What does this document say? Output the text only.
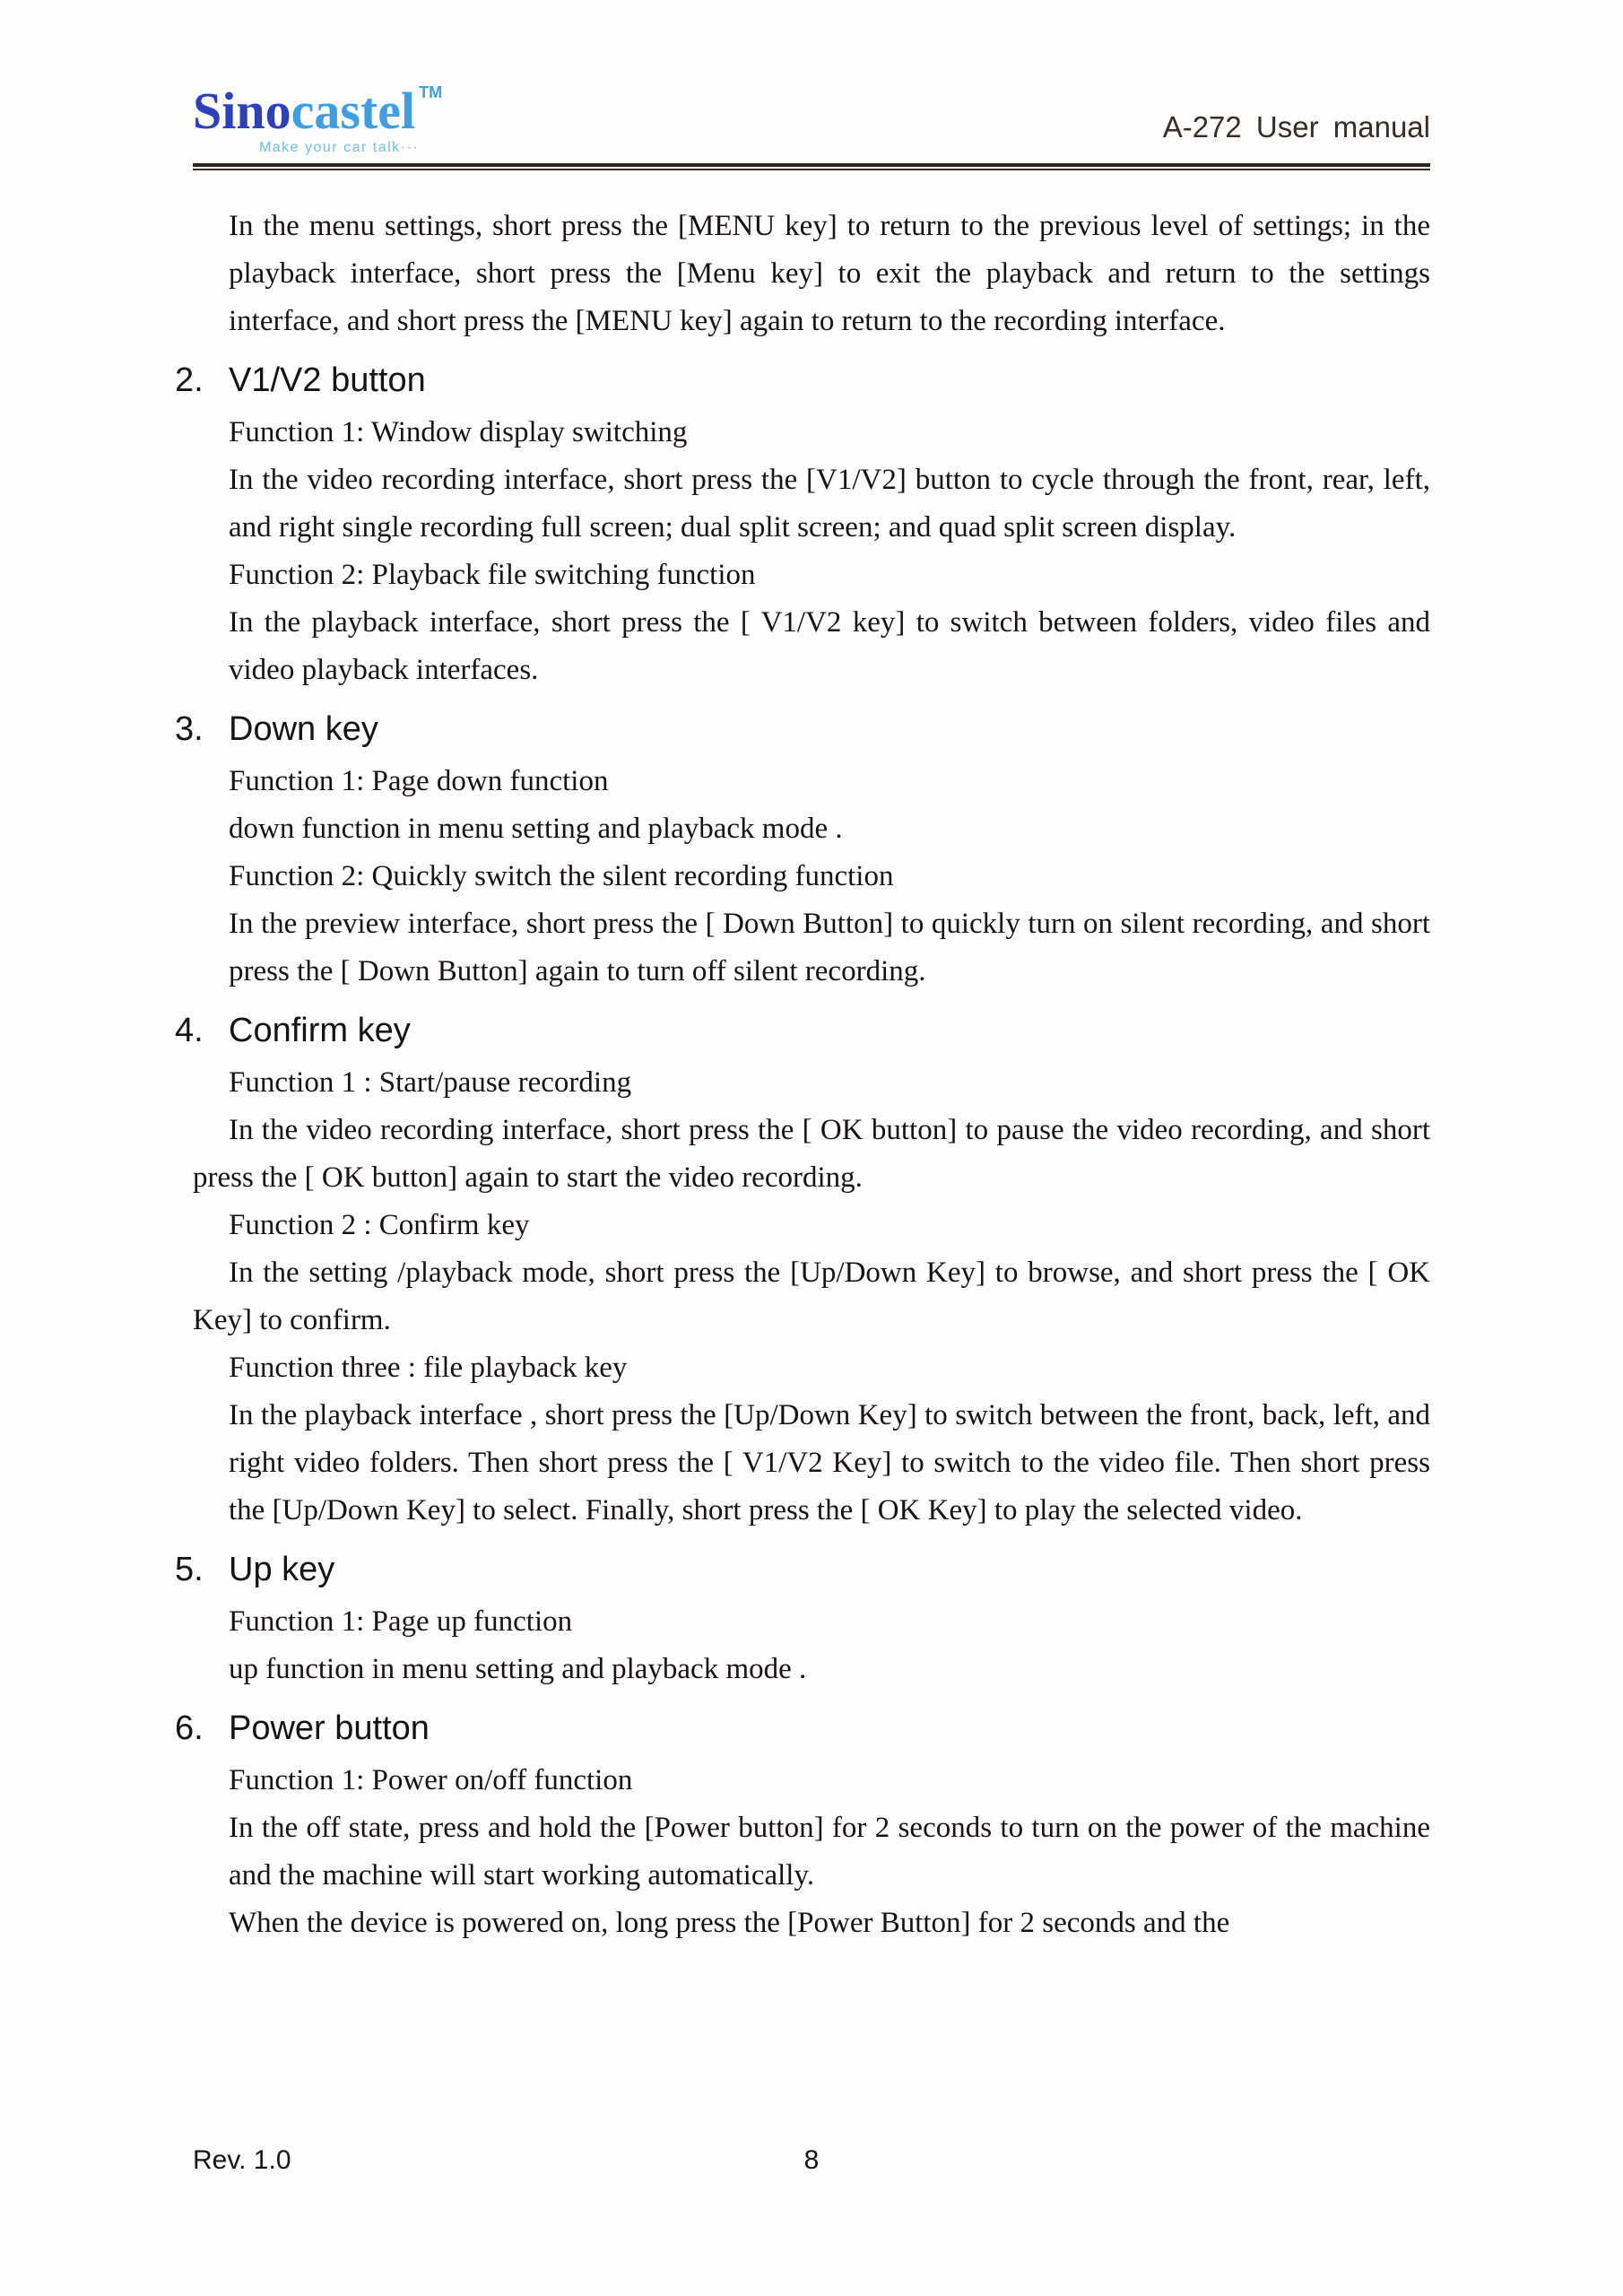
Sinocastel ™
Make your car talk···
A-272 User manual

In the menu settings, short press the [MENU key] to return to the previous level of settings; in the playback interface, short press the [Menu key] to exit the playback and return to the settings interface, and short press the [MENU key] again to return to the recording interface.

2. V1/V2 button

Function 1: Window display switching

In the video recording interface, short press the [V1/V2] button to cycle through the front, rear, left, and right single recording full screen; dual split screen; and quad split screen display.

Function 2: Playback file switching function

In the playback interface, short press the [ V1/V2 key] to switch between folders, video files and video playback interfaces.

3. Down key

Function 1: Page down function

down function in menu setting and playback mode .

Function 2: Quickly switch the silent recording function

In the preview interface, short press the [ Down Button] to quickly turn on silent recording, and short press the [ Down Button] again to turn off silent recording.

4. Confirm key

Function 1 : Start/pause recording

In the video recording interface, short press the [ OK button] to pause the video recording, and short press the [ OK button] again to start the video recording.

Function 2 : Confirm key

In the setting /playback mode, short press the [Up/Down Key] to browse, and short press the [ OK Key] to confirm.

Function three : file playback key

In the playback interface , short press the [Up/Down Key] to switch between the front, back, left, and right video folders. Then short press the [ V1/V2 Key] to switch to the video file. Then short press the [Up/Down Key] to select. Finally, short press the [ OK Key] to play the selected video.

5. Up key

Function 1: Page up function

up function in menu setting and playback mode .

6. Power button

Function 1: Power on/off function

In the off state, press and hold the [Power button] for 2 seconds to turn on the power of the machine and the machine will start working automatically.

When the device is powered on, long press the [Power Button] for 2 seconds and the

Rev. 1.0	8
